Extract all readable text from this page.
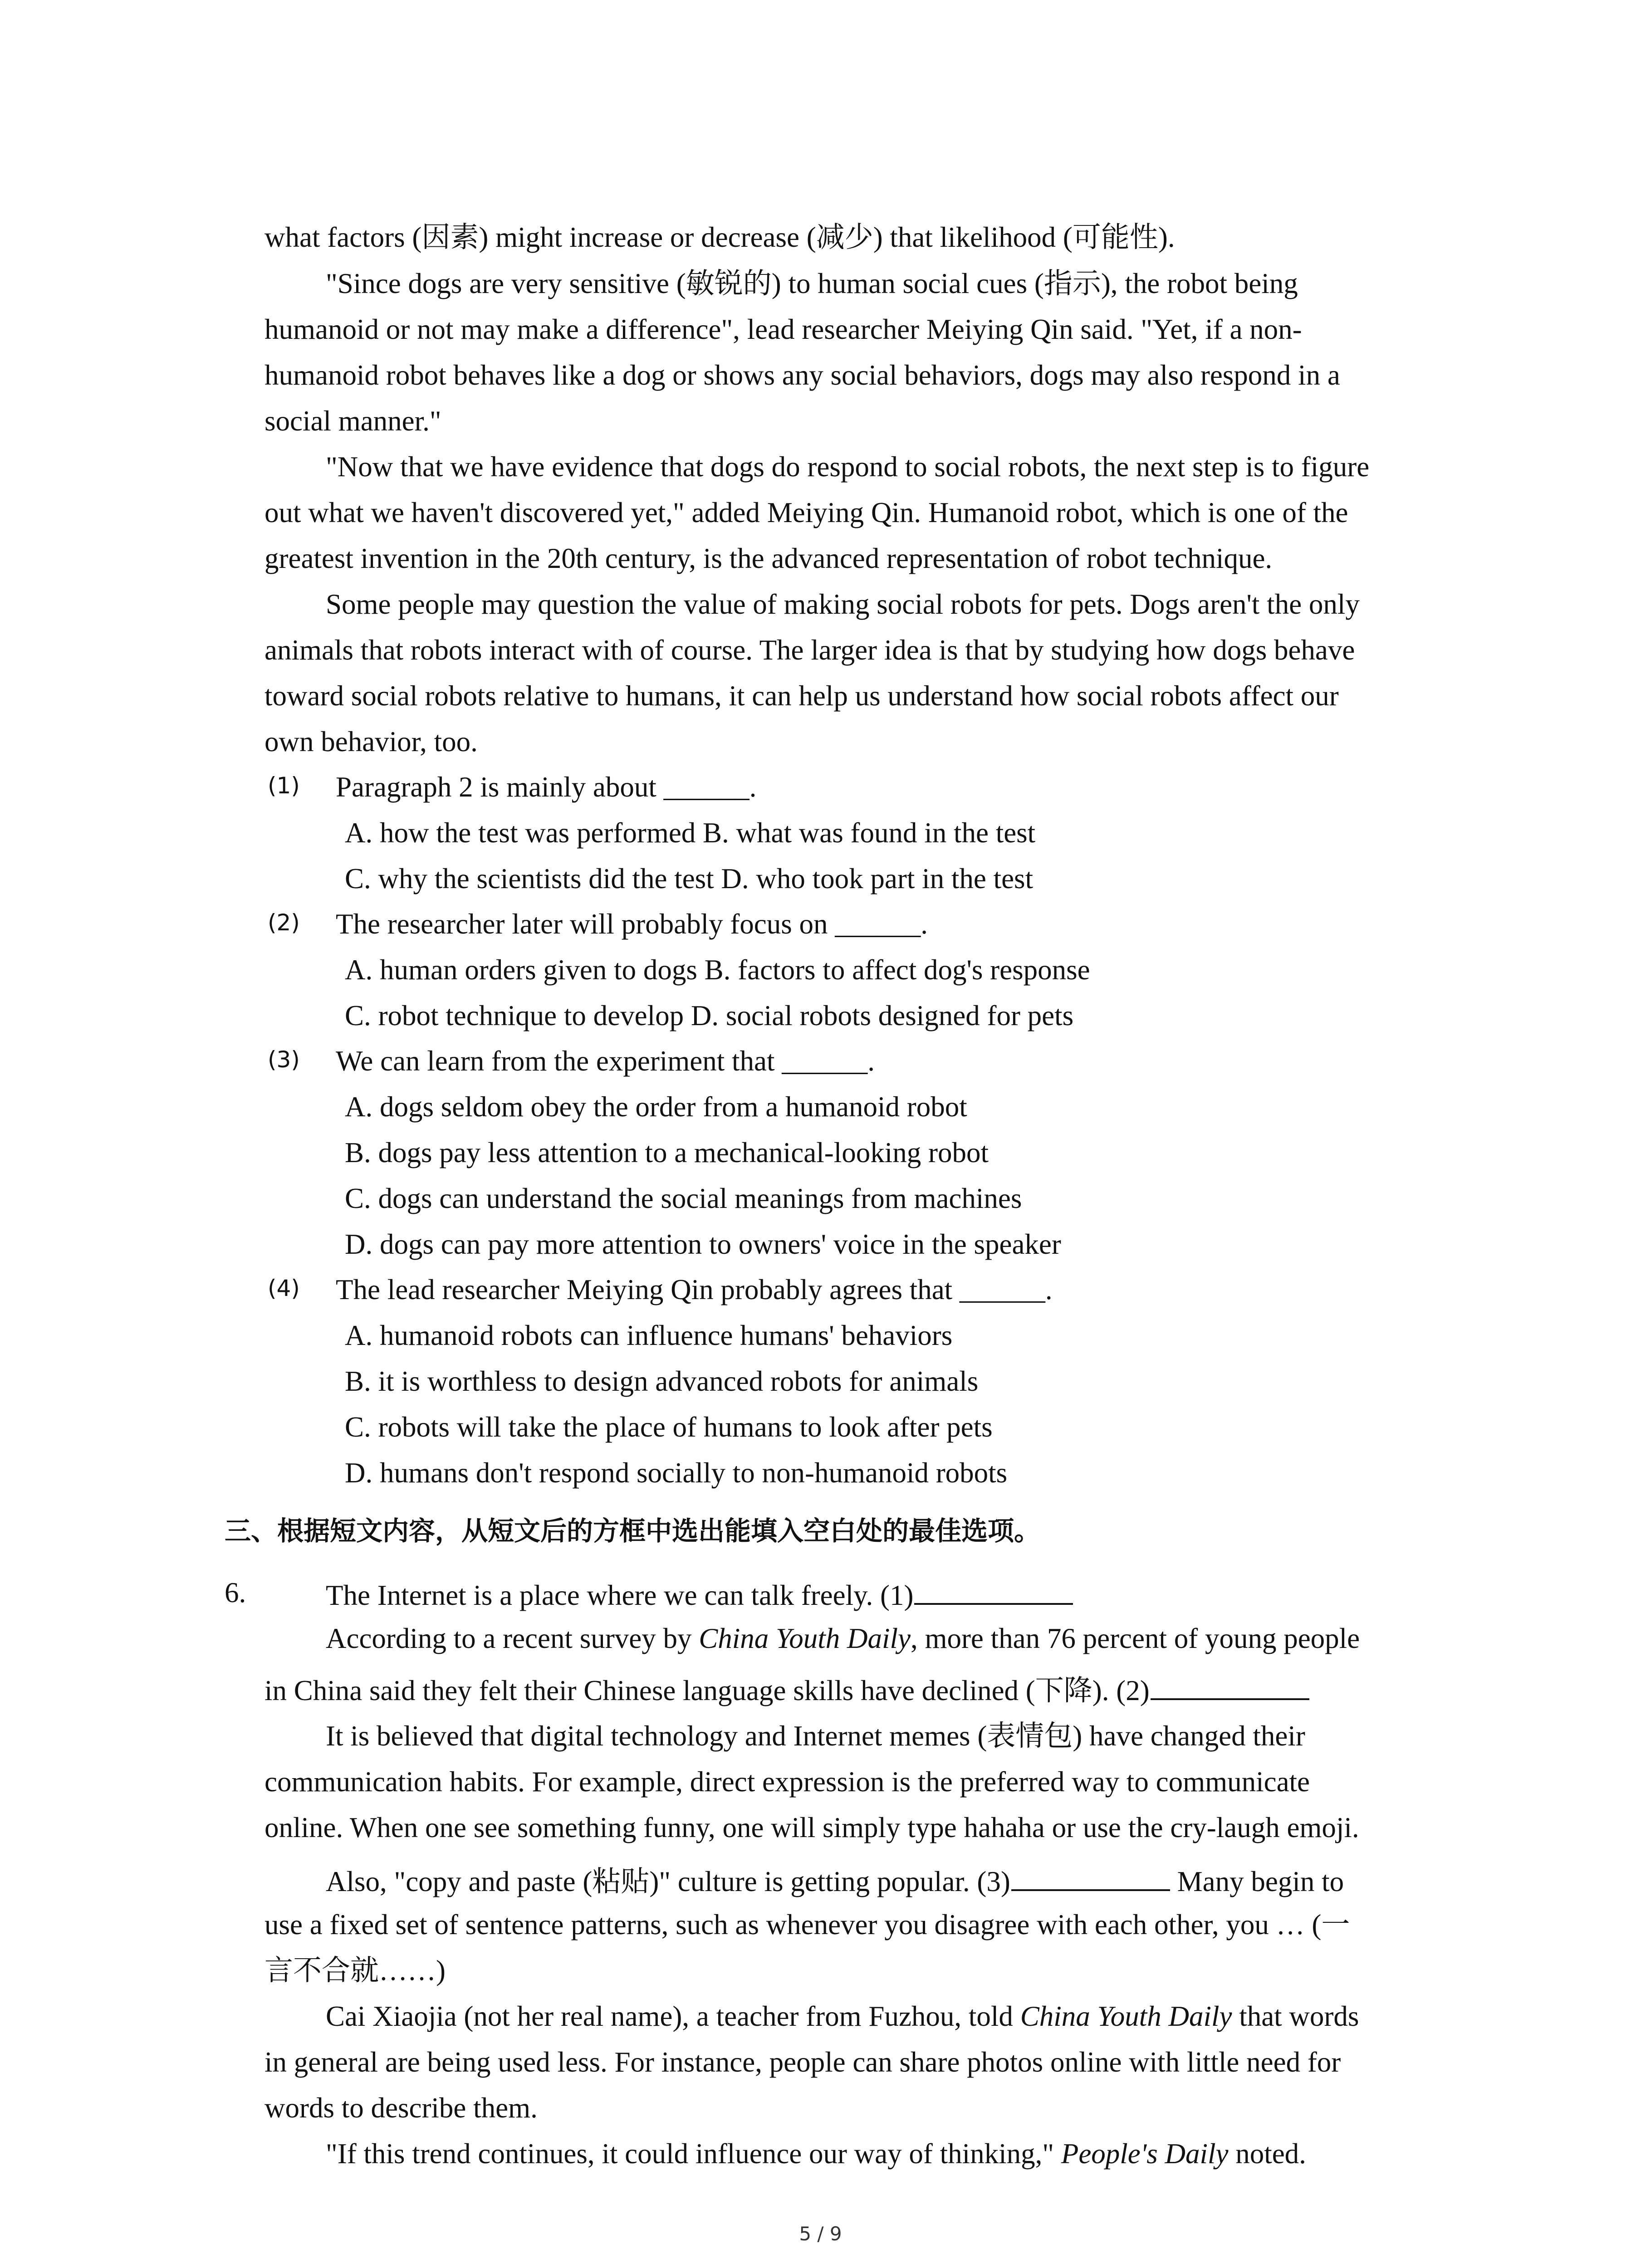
what factors (因素) might increase or decrease (减少) that likelihood (可能性).
"Since dogs are very sensitive (敏锐的) to human social cues (指示), the robot being
humanoid or not may make a difference", lead researcher Meiying Qin said. "Yet, if a non-
humanoid robot behaves like a dog or shows any social behaviors, dogs may also respond in a
social manner."
"Now that we have evidence that dogs do respond to social robots, the next step is to figure
out what we haven't discovered yet," added Meiying Qin. Humanoid robot, which is one of the
greatest invention in the 20th century, is the advanced representation of robot technique.
Some people may question the value of making social robots for pets. Dogs aren't the only
animals that robots interact with of course. The larger idea is that by studying how dogs behave
toward social robots relative to humans, it can help us understand how social robots affect our
own behavior, too.
(1) Paragraph 2 is mainly about ______.
A. how the test was performed B. what was found in the test
C. why the scientists did the test D. who took part in the test
(2) The researcher later will probably focus on ______.
A. human orders given to dogs B. factors to affect dog's response
C. robot technique to develop D. social robots designed for pets
(3) We can learn from the experiment that ______.
A. dogs seldom obey the order from a humanoid robot
B. dogs pay less attention to a mechanical-looking robot
C. dogs can understand the social meanings from machines
D. dogs can pay more attention to owners' voice in the speaker
(4) The lead researcher Meiying Qin probably agrees that ______.
A. humanoid robots can influence humans' behaviors
B. it is worthless to design advanced robots for animals
C. robots will take the place of humans to look after pets
D. humans don't respond socially to non-humanoid robots
三、根据短文内容，从短文后的方框中选出能填入空白处的最佳选项。
6.	The Internet is a place where we can talk freely. (1)
According to a recent survey by China Youth Daily, more than 76 percent of young people
in China said they felt their Chinese language skills have declined (下降). (2)
It is believed that digital technology and Internet memes (表情包) have changed their
communication habits. For example, direct expression is the preferred way to communicate
online. When one see something funny, one will simply type hahaha or use the cry-laugh emoji.
Also, "copy and paste (粘贴)" culture is getting popular. (3)	Many begin to
use a fixed set of sentence patterns, such as whenever you disagree with each other, you … (一
言不合就……)
Cai Xiaojia (not her real name), a teacher from Fuzhou, told China Youth Daily that words
in general are being used less. For instance, people can share photos online with little need for
words to describe them.
"If this trend continues, it could influence our way of thinking," People's Daily noted.
5 / 9
